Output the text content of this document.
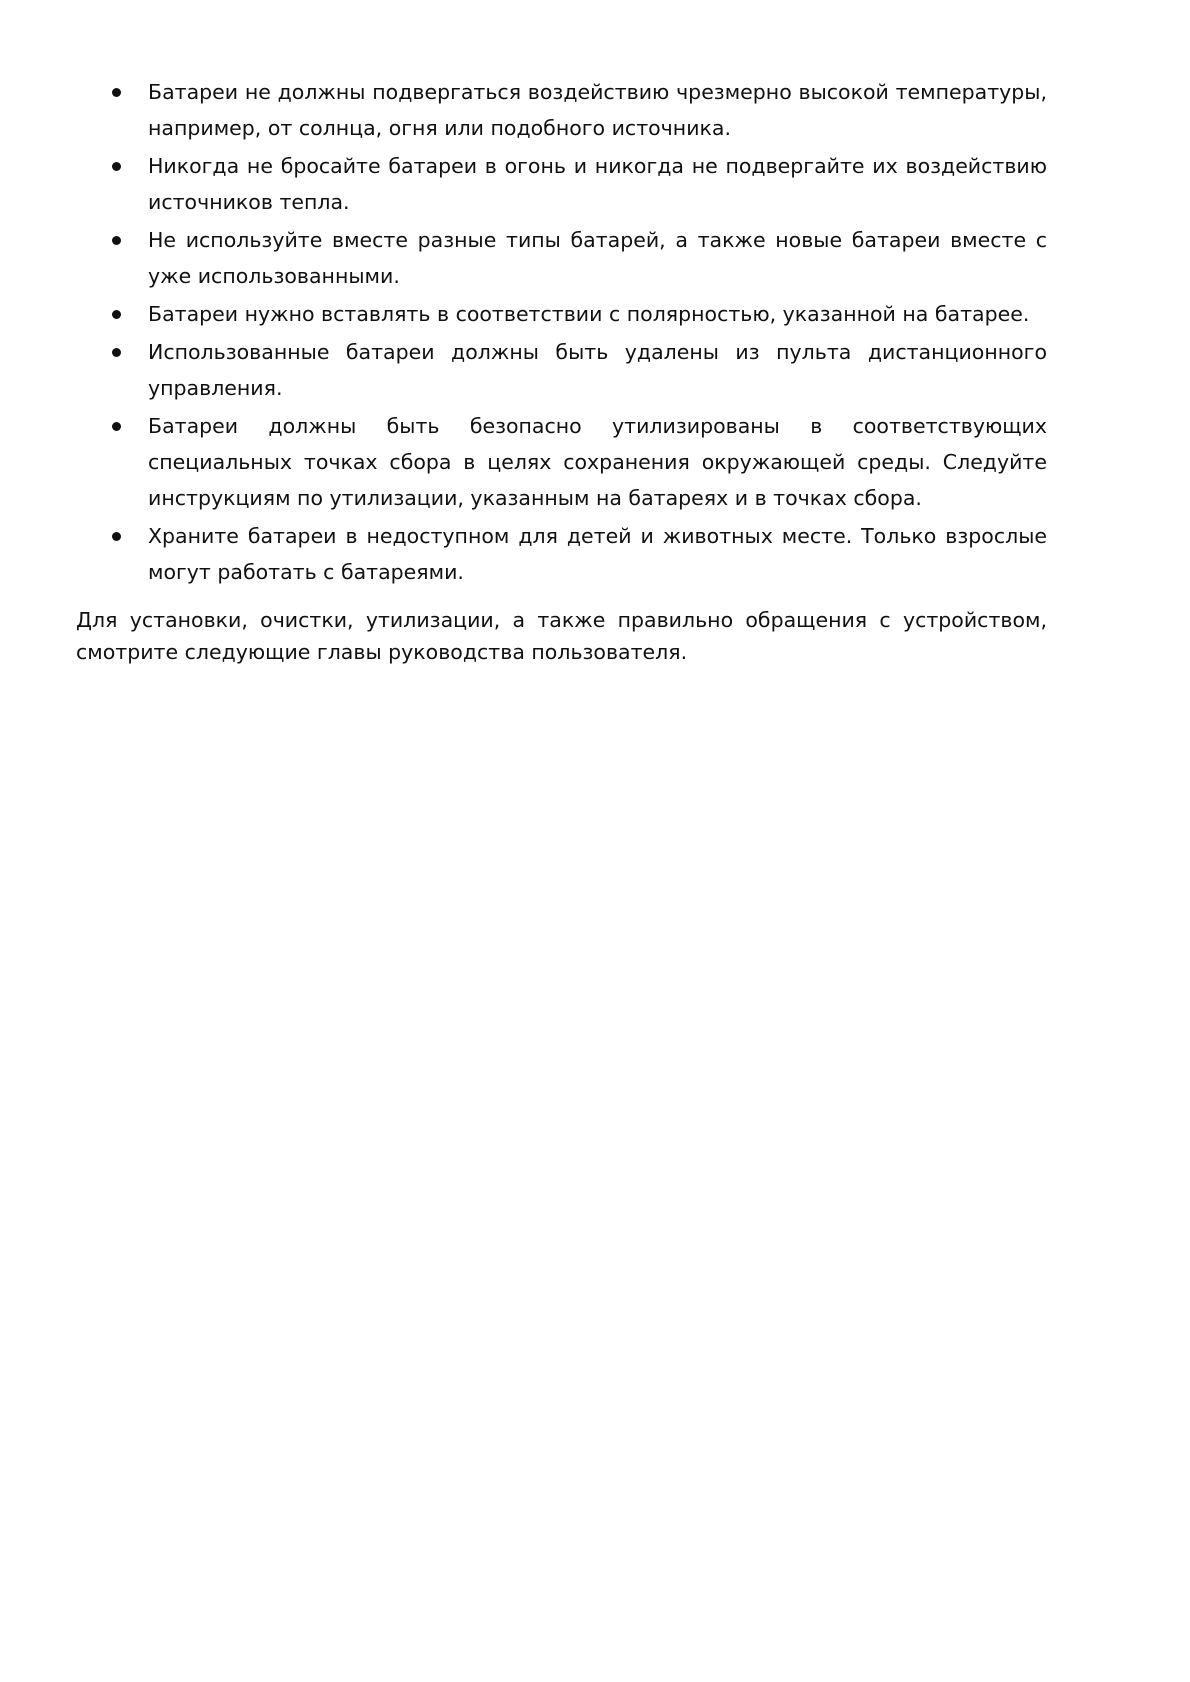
Батареи не должны подвергаться воздействию чрезмерно высокой температуры, например, от солнца, огня или подобного источника.
Никогда не бросайте батареи в огонь и никогда не подвергайте их воздействию источников тепла.
Не используйте вместе разные типы батарей, а также новые батареи вместе с уже использованными.
Батареи нужно вставлять в соответствии с полярностью, указанной на батарее.
Использованные батареи должны быть удалены из пульта дистанционного управления.
Батареи должны быть безопасно утилизированы в соответствующих специальных точках сбора в целях сохранения окружающей среды. Следуйте инструкциям по утилизации, указанным на батареях и в точках сбора.
Храните батареи в недоступном для детей и животных месте. Только взрослые могут работать с батареями.

Для установки, очистки, утилизации, а также правильно обращения с устройством, смотрите следующие главы руководства пользователя.
